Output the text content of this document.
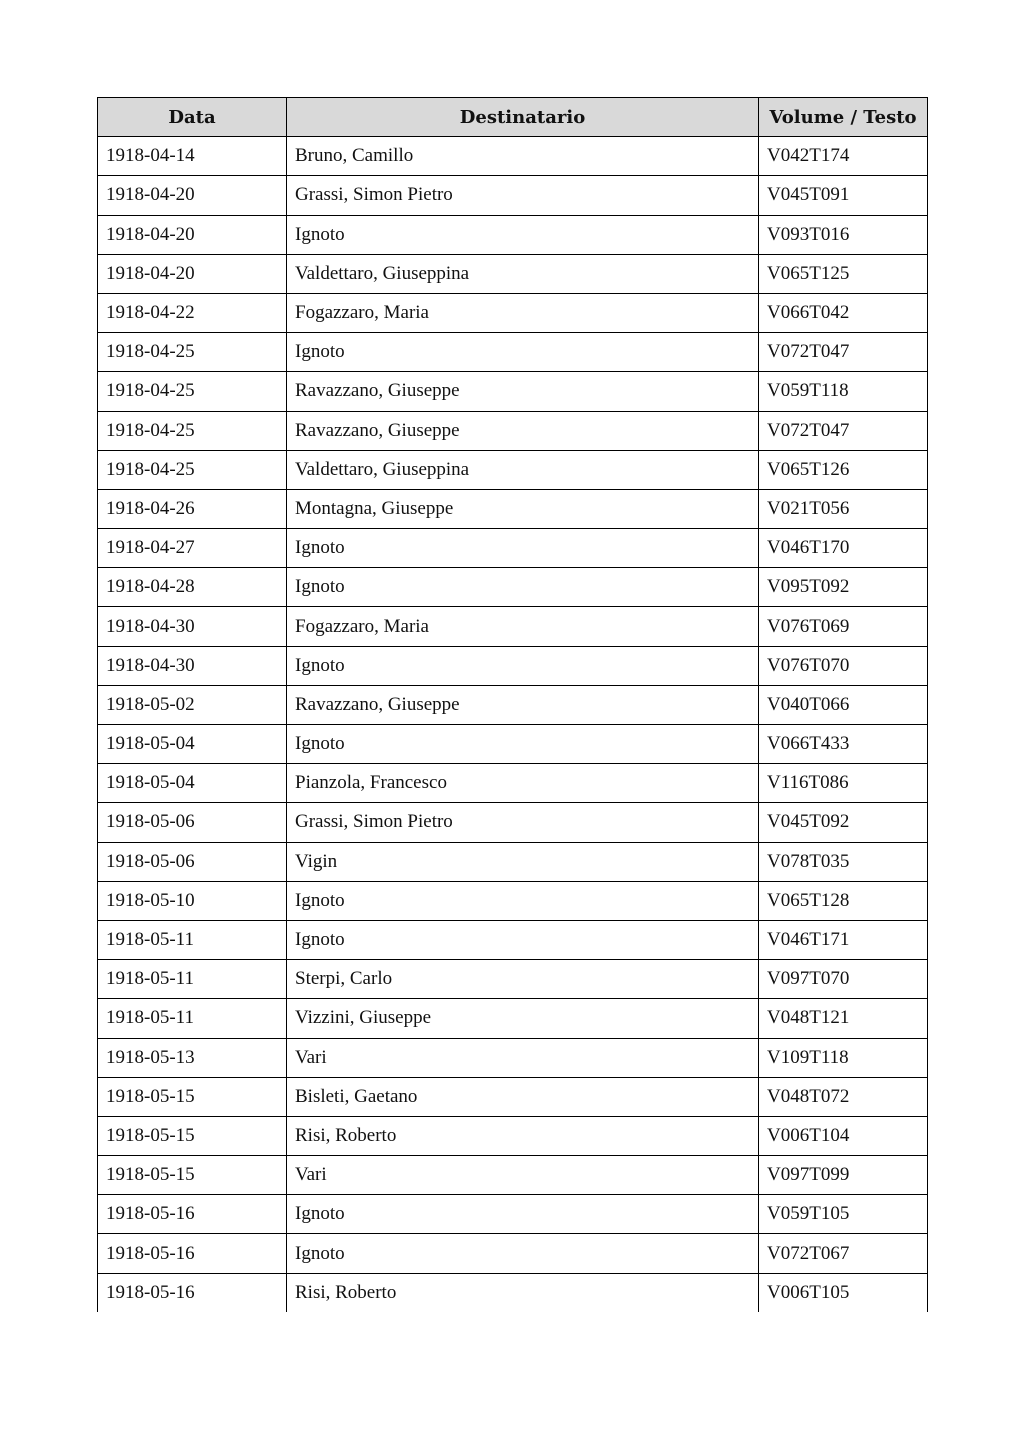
Data	Destinatario	Volume / Testo
1918-04-14	Bruno, Camillo	V042T174
1918-04-20	Grassi, Simon Pietro	V045T091
1918-04-20	Ignoto	V093T016
1918-04-20	Valdettaro, Giuseppina	V065T125
1918-04-22	Fogazzaro, Maria	V066T042
1918-04-25	Ignoto	V072T047
1918-04-25	Ravazzano, Giuseppe	V059T118
1918-04-25	Ravazzano, Giuseppe	V072T047
1918-04-25	Valdettaro, Giuseppina	V065T126
1918-04-26	Montagna, Giuseppe	V021T056
1918-04-27	Ignoto	V046T170
1918-04-28	Ignoto	V095T092
1918-04-30	Fogazzaro, Maria	V076T069
1918-04-30	Ignoto	V076T070
1918-05-02	Ravazzano, Giuseppe	V040T066
1918-05-04	Ignoto	V066T433
1918-05-04	Pianzola, Francesco	V116T086
1918-05-06	Grassi, Simon Pietro	V045T092
1918-05-06	Vigin	V078T035
1918-05-10	Ignoto	V065T128
1918-05-11	Ignoto	V046T171
1918-05-11	Sterpi, Carlo	V097T070
1918-05-11	Vizzini, Giuseppe	V048T121
1918-05-13	Vari	V109T118
1918-05-15	Bisleti, Gaetano	V048T072
1918-05-15	Risi, Roberto	V006T104
1918-05-15	Vari	V097T099
1918-05-16	Ignoto	V059T105
1918-05-16	Ignoto	V072T067
1918-05-16	Risi, Roberto	V006T105
